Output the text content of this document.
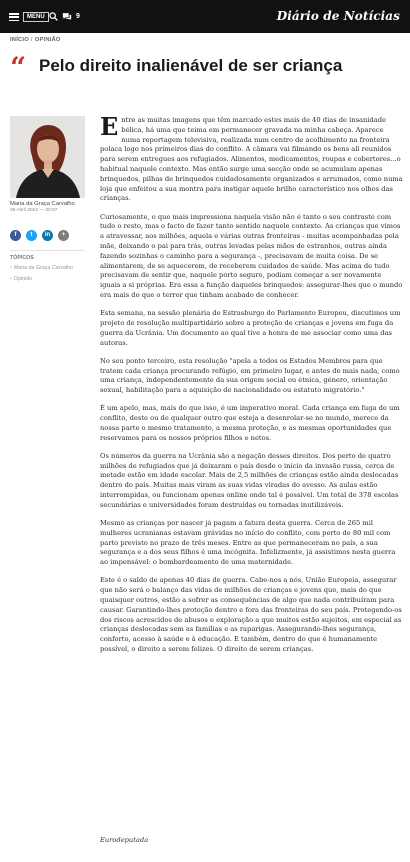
MENU	9	Diário de Notícias
INÍCIO / OPINIÃO
“ Pelo direito inalienável de ser criança
Maria da Graça Carvalho
06 Abril 2022 — 00:07
f	t	in	+
TÓPICOS
• Maria da Graça Carvalho
• Opinião

Entre as muitas imagens que têm marcado estes mais de 40 dias de insanidade bélica, há uma que teima em permanecer gravada na minha cabeça. Aparece numa reportagem televisiva, realizada num centro de acolhimento na fronteira polaca logo nos primeiros dias do conflito. A câmara vai filmando os bens ali reunidos para serem entregues aos refugiados. Alimentos, medicamentos, roupas e cobertores...o habitual naquele contexto. Mas então surge uma secção onde se acumulam apenas brinquedos, pilhas de brinquedos cuidadosamente organizados e arrumados, como numa loja que enfeitou a sua montra para instigar aquele brilho característico nos olhos das crianças.

Curiosamente, o que mais impressiona naquela visão não é tanto o seu contraste com tudo o resto, mas o facto de fazer tanto sentido naquele contexto. As crianças que vimos a atravessar, aos milhões, aquela e várias outras fronteiras - muitas acompanhadas pela mãe, deixando o pai para trás, outras levadas pelas mãos de estranhos, outras ainda fazendo sozinhas o caminho para a segurança -, precisavam de muita coisa. De se alimentarem, de se aquecerem, de receberem cuidados de saúde. Mas acima de tudo precisavam de sentir que, naquele porto seguro, podiam começar a ser novamente iguais a si próprias. Era essa a função daqueles brinquedos: assegurar-lhes que o mundo era mais do que o terror que tinham acabado de conhecer.

Esta semana, na sessão plenária de Estrasburgo do Parlamento Europeu, discutimos um projeto de resolução multipartidário sobre a proteção de crianças e jovens em fuga da guerra da Ucrânia. Um documento ao qual tive a honra de me associar como uma das autoras.

No seu ponto terceiro, esta resolução "apela a todos os Estados Membros para que tratem cada criança procurando refúgio, em primeiro lugar, e antes de mais nada, como uma criança, independentemente da sua origem social ou étnica, género, orientação sexual, habilitação para a aquisição de nacionalidade ou estatuto migratório."

É um apelo, mas, mais do que isso, é um imperativo moral. Cada criança em fuga de um conflito, deste ou de qualquer outro que esteja a desenrolar-se no mundo, merece da nossa parte o mesmo tratamento, a mesma proteção, e as mesmas oportunidades que reservamos para os nossos próprios filhos e netos.

Os números da guerra na Ucrânia são a negação desses direitos. Dos perto de quatro milhões de refugiados que já deixaram o país desde o início da invasão russa, cerca de metade estão em idade escolar. Mais de 2,5 milhões de crianças estão ainda deslocadas dentro do país. Muitas mais viram as suas vidas viradas do avesso. As aulas estão interrompidas, ou funcionam apenas online onde tal é possível. Um total de 378 escolas secundárias e universidades foram destruídas ou tornadas inutilizáveis.

Mesmo as crianças por nascer já pagam a fatura desta guerra. Cerca de 265 mil mulheres ucranianas estavam grávidas no início do conflito, com perto de 80 mil com parto previsto no prazo de três meses. Entre as que permaneceram no país, a sua segurança e a dos seus filhos é uma incógnita. Infelizmente, já assistimos nesta guerra ao impensável: o bombardeamento de uma maternidade.

Este é o saldo de apenas 40 dias de guerra. Cabe-nos a nós, União Europeia, assegurar que não será o balanço das vidas de milhões de crianças e jovens que, mais do que quaisquer outros, estão a sofrer as consequências de algo que nada contribuíram para causar. Garantindo-lhes proteção dentro e fora das fronteiras do seu país. Protegendo-os dos riscos acrescidos de abusos e exploração a que muitos estão sujeitos, em especial as crianças deslocadas sem as famílias e as raparigas. Assegurando-lhes segurança, conforto, acesso à saúde e à educação. E também, dentro do que é humanamente possível, o direito a serem felizes. O direito de serem crianças.

Eurodeputada
